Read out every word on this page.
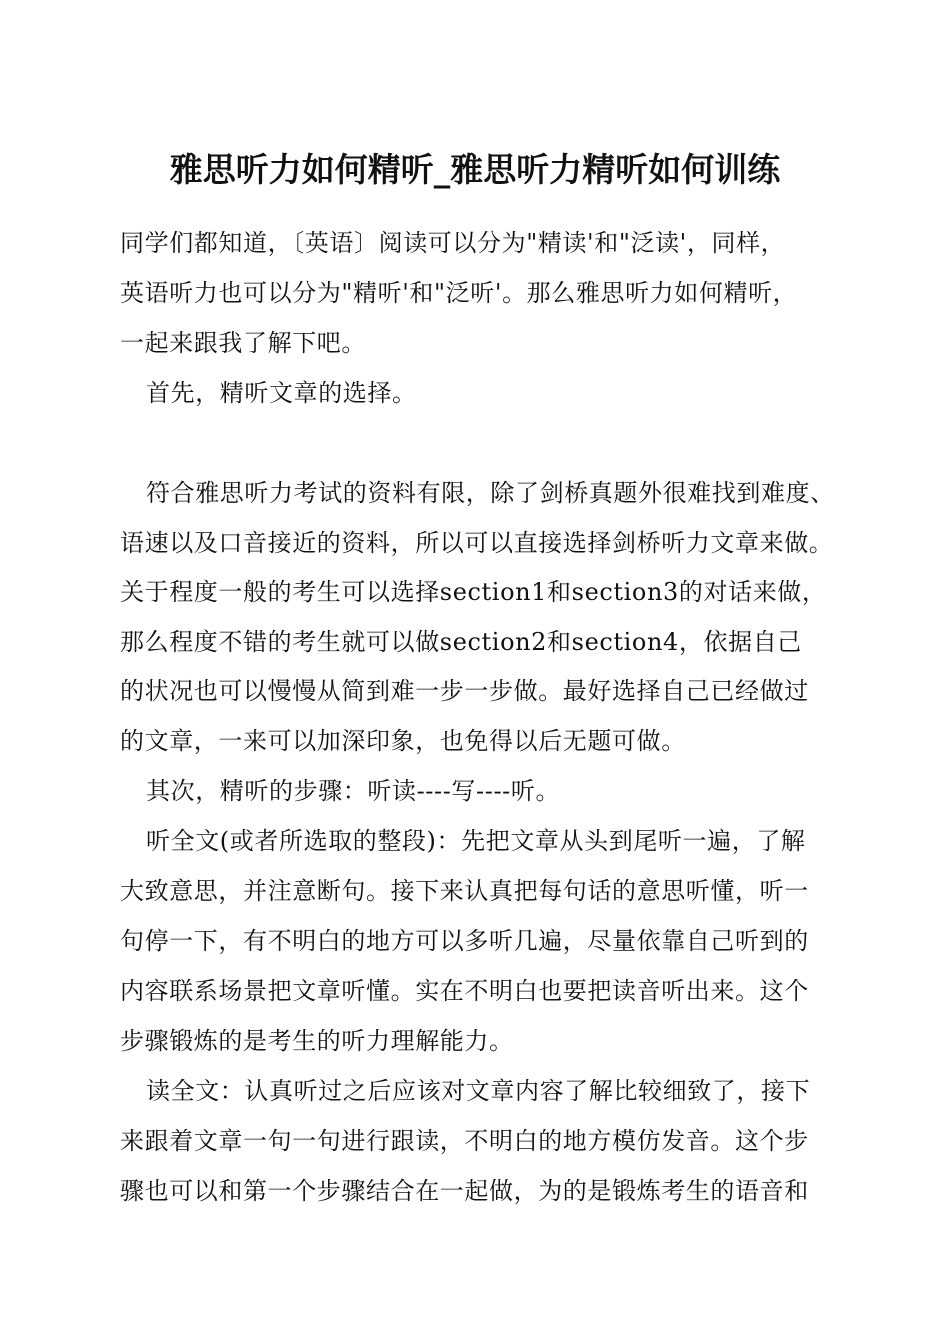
雅思听力如何精听_雅思听力精听如何训练
同学们都知道，〔英语〕阅读可以分为"精读'和"泛读'，同样，
英语听力也可以分为"精听'和"泛听'。那么雅思听力如何精听，
一起来跟我了解下吧。
首先，精听文章的选择。
符合雅思听力考试的资料有限，除了剑桥真题外很难找到难度、
语速以及口音接近的资料，所以可以直接选择剑桥听力文章来做。
关于程度一般的考生可以选择section1和section3的对话来做，
那么程度不错的考生就可以做section2和section4，依据自己
的状况也可以慢慢从简到难一步一步做。最好选择自己已经做过
的文章，一来可以加深印象，也免得以后无题可做。
其次，精听的步骤：听读----写----听。
听全文(或者所选取的整段)：先把文章从头到尾听一遍，了解
大致意思，并注意断句。接下来认真把每句话的意思听懂，听一
句停一下，有不明白的地方可以多听几遍，尽量依靠自己听到的
内容联系场景把文章听懂。实在不明白也要把读音听出来。这个
步骤锻炼的是考生的听力理解能力。
读全文：认真听过之后应该对文章内容了解比较细致了，接下
来跟着文章一句一句进行跟读，不明白的地方模仿发音。这个步
骤也可以和第一个步骤结合在一起做，为的是锻炼考生的语音和
